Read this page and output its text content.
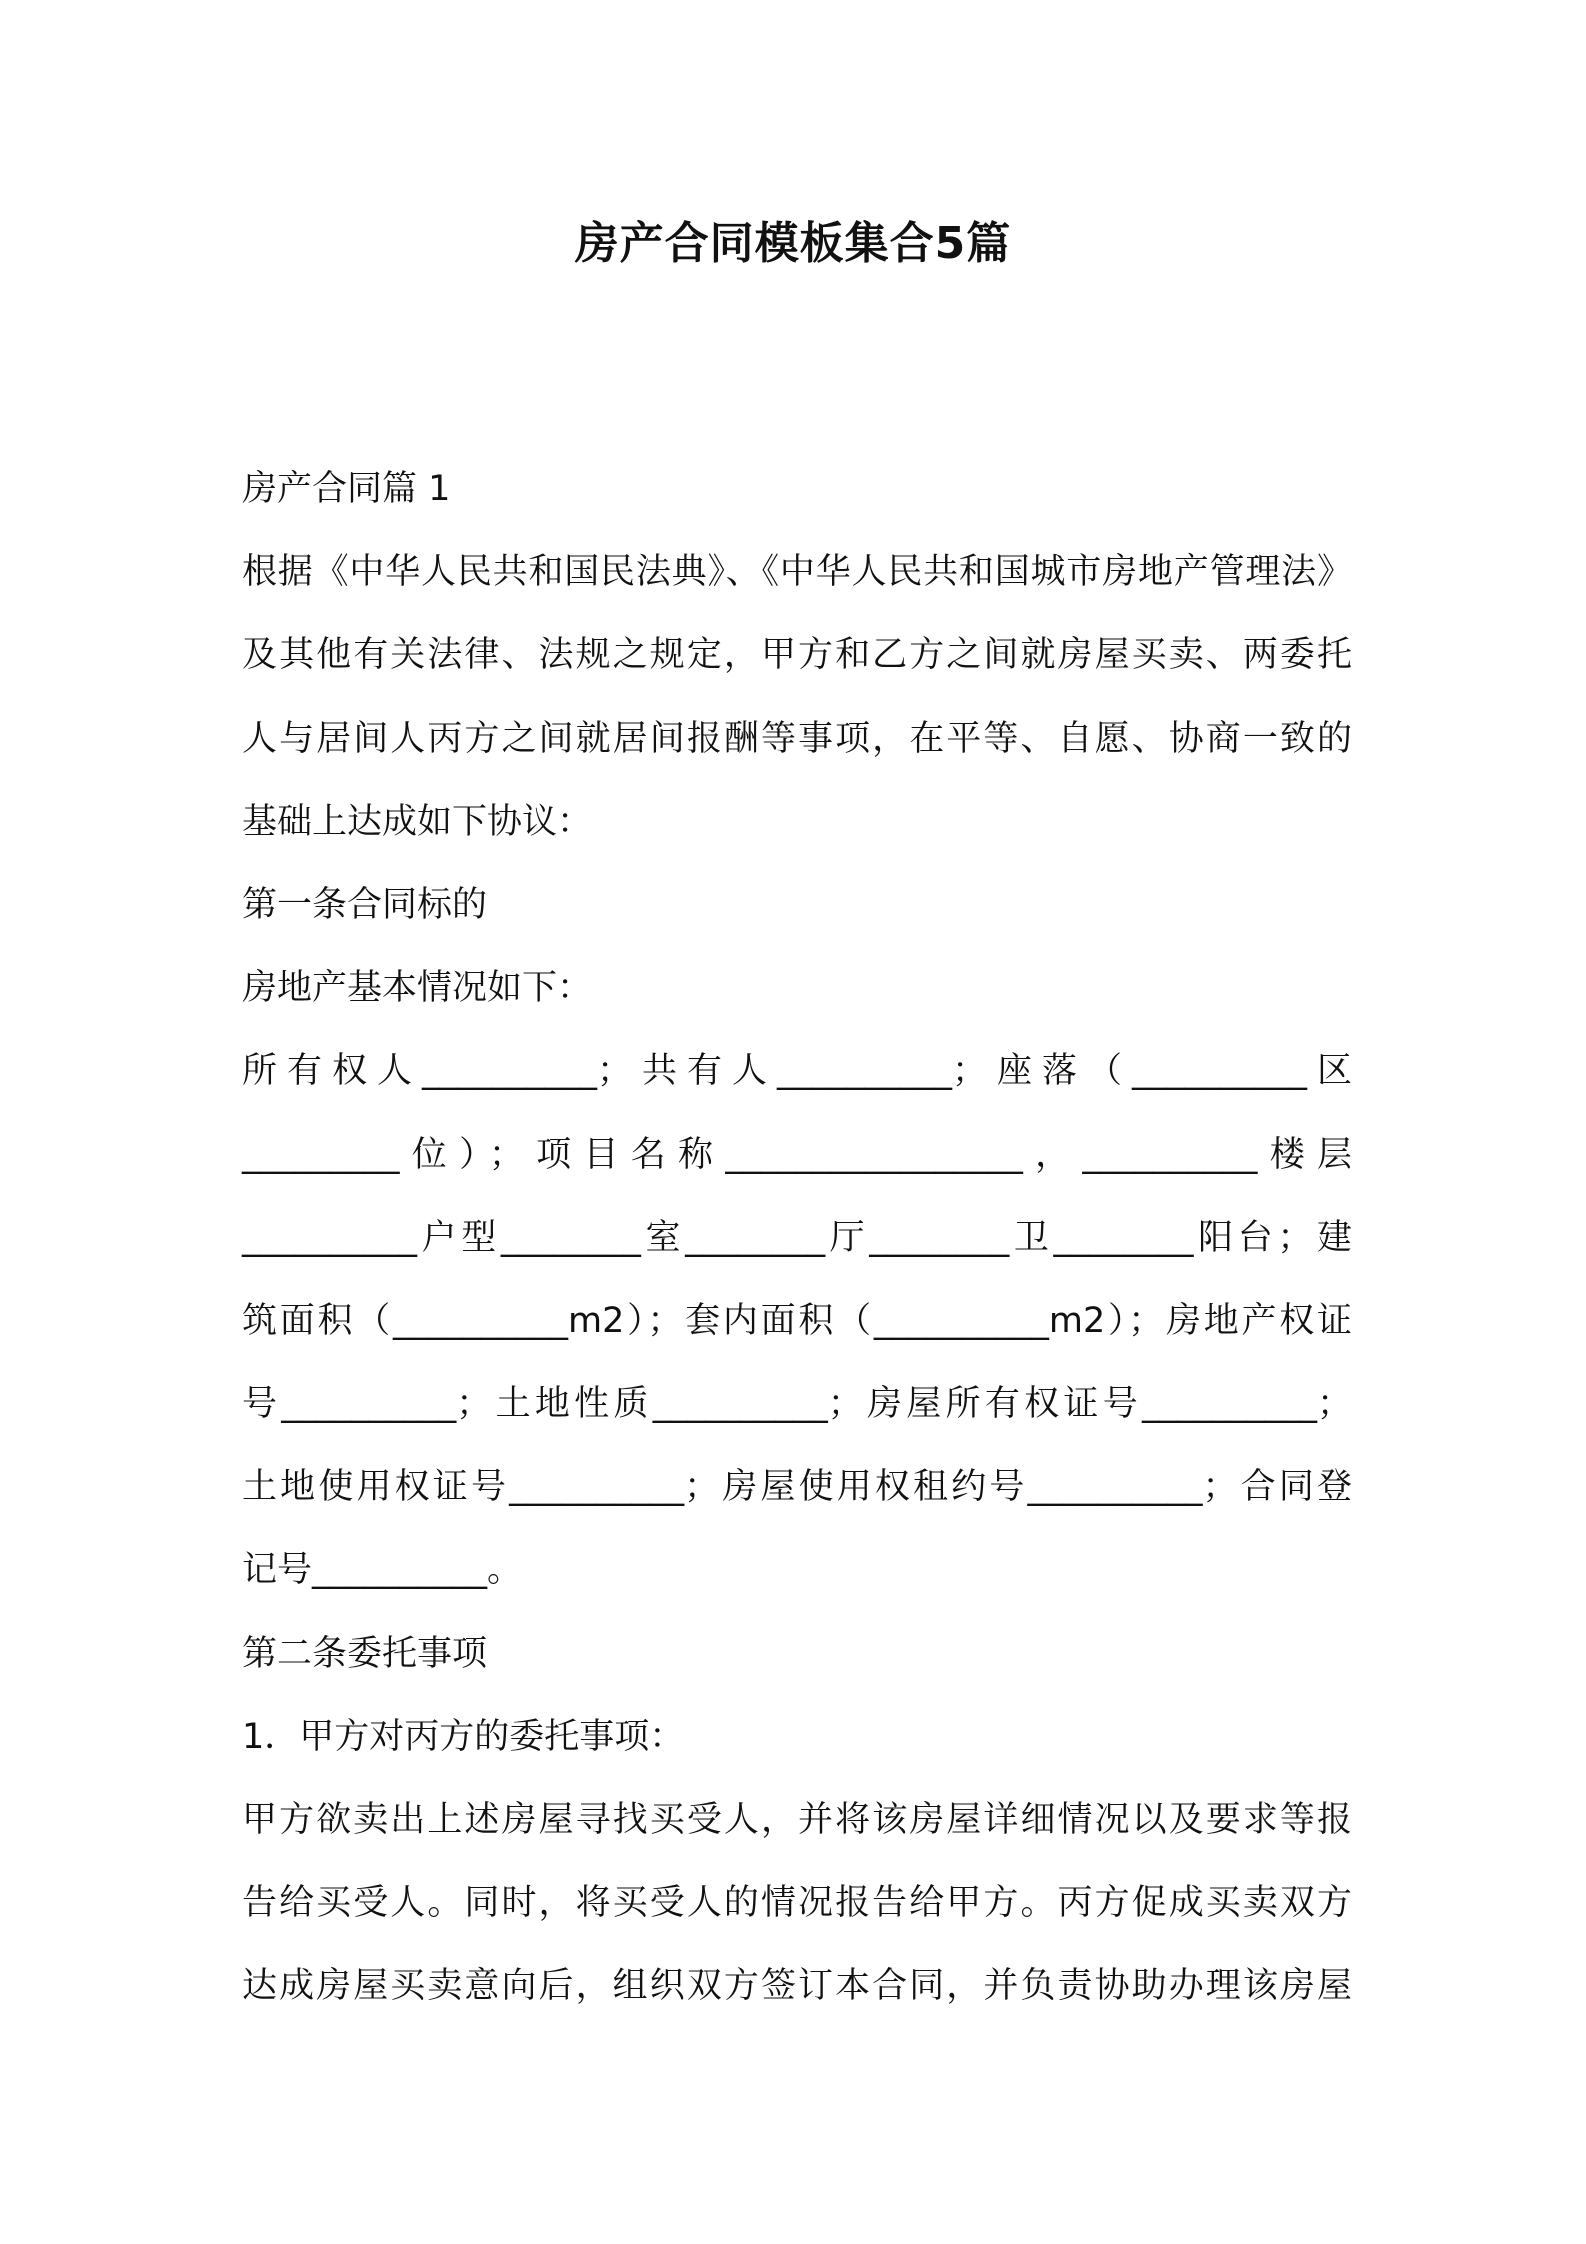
房产合同模板集合5篇

房产合同篇 1

根据《中华人民共和国民法典》、《中华人民共和国城市房地产管理法》

及其他有关法律、法规之规定，甲方和乙方之间就房屋买卖、两委托

人与居间人丙方之间就居间报酬等事项，在平等、自愿、协商一致的

基础上达成如下协议：

第一条合同标的

房地产基本情况如下：

所有权人__________；共有人__________；座落（__________区

_________位）；项目名称_________________，__________楼层

__________户型________室________厅________卫________阳台；建

筑面积（__________m2）；套内面积（__________m2）；房地产权证

号__________；土地性质__________；房屋所有权证号__________；

土地使用权证号__________；房屋使用权租约号__________；合同登

记号__________。

第二条委托事项

1．甲方对丙方的委托事项：

甲方欲卖出上述房屋寻找买受人，并将该房屋详细情况以及要求等报

告给买受人。同时，将买受人的情况报告给甲方。丙方促成买卖双方

达成房屋买卖意向后，组织双方签订本合同，并负责协助办理该房屋
